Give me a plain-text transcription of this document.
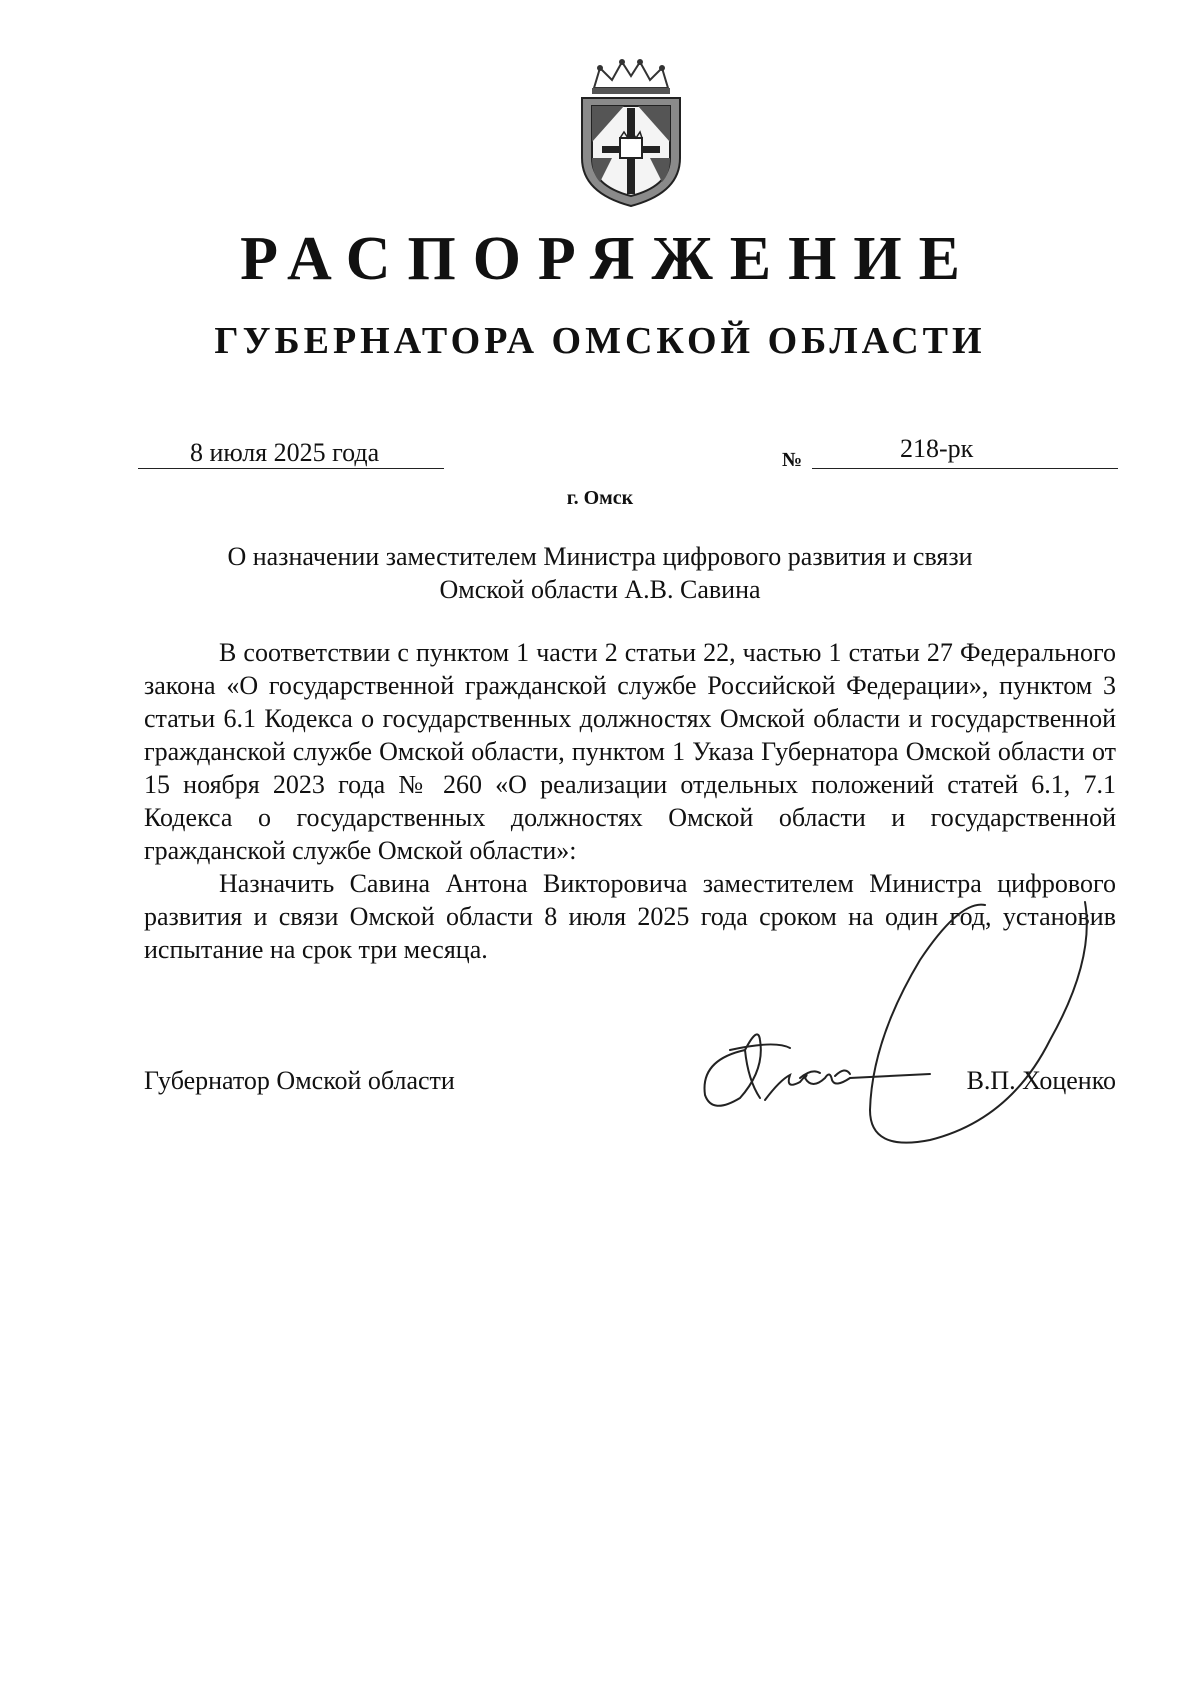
РАСПОРЯЖЕНИЕ
ГУБЕРНАТОРА ОМСКОЙ ОБЛАСТИ
8 июля 2025 года	№	218-рк
г. Омск
О назначении заместителем Министра цифрового развития и связи
Омской области А.В. Савина

В соответствии с пунктом 1 части 2 статьи 22, частью 1 статьи 27 Федерального закона «О государственной гражданской службе Российской Федерации», пунктом 3 статьи 6.1 Кодекса о государственных должностях Омской области и государственной гражданской службе Омской области, пунктом 1 Указа Губернатора Омской области от 15 ноября 2023 года № 260 «О реализации отдельных положений статей 6.1, 7.1 Кодекса о государственных должностях Омской области и государственной гражданской службе Омской области»:

Назначить Савина Антона Викторовича заместителем Министра цифрового развития и связи Омской области 8 июля 2025 года сроком на один год, установив испытание на срок три месяца.

Губернатор Омской области	В.П. Хоценко
